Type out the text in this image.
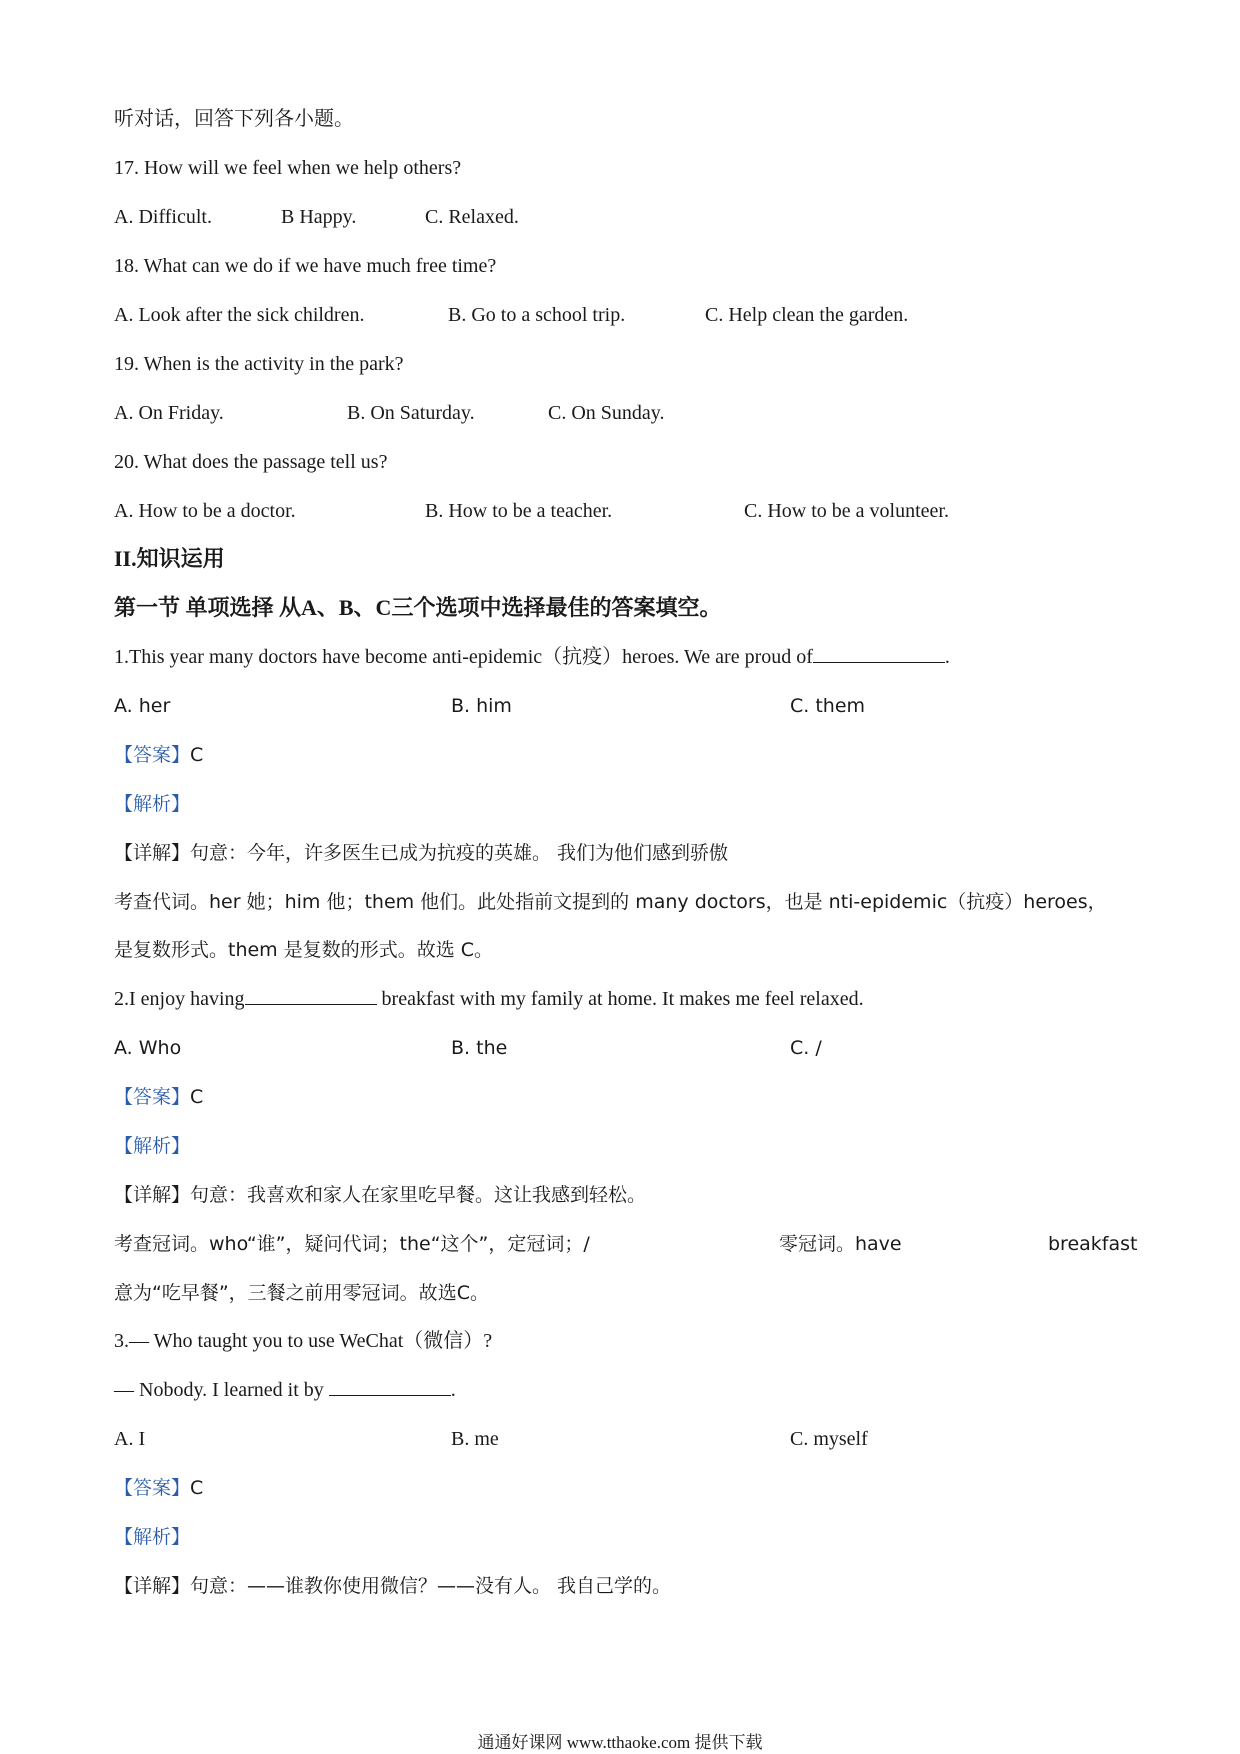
听对话，回答下列各小题。
17. How will we feel when we help others?
A. Difficult.	B Happy.	C. Relaxed.
18. What can we do if we have much free time?
A. Look after the sick children.	B. Go to a school trip.	C. Help clean the garden.
19. When is the activity in the park?
A. On Friday.	B. On Saturday.	C. On Sunday.
20. What does the passage tell us?
A. How to be a doctor.	B. How to be a teacher.	C. How to be a volunteer.
II.知识运用
第一节 单项选择 从A、B、C三个选项中选择最佳的答案填空。
1.This year many doctors have become anti-epidemic（抗疫）heroes. We are proud of	.
A. her	B. him	C. them
【答案】C
【解析】
【详解】句意：今年，许多医生已成为抗疫的英雄。 我们为他们感到骄傲
考查代词。her 她；him 他；them 他们。此处指前文提到的 many doctors，也是 nti-epidemic（抗疫）heroes，
是复数形式。them 是复数的形式。故选 C。
2.I enjoy having	breakfast with my family at home. It makes me feel relaxed.
A. Who	B. the	C. /
【答案】C
【解析】
【详解】句意：我喜欢和家人在家里吃早餐。这让我感到轻松。
考查冠词。who“谁”，疑问代词；the“这个”，定冠词；/	零冠词。have	breakfast
意为“吃早餐”，三餐之前用零冠词。故选C。
3.— Who taught you to use WeChat（微信）?
— Nobody. I learned it by	.
A. I	B. me	C. myself
【答案】C
【解析】
【详解】句意：——谁教你使用微信？——没有人。 我自己学的。
通通好课网 www.tthaoke.com 提供下载
